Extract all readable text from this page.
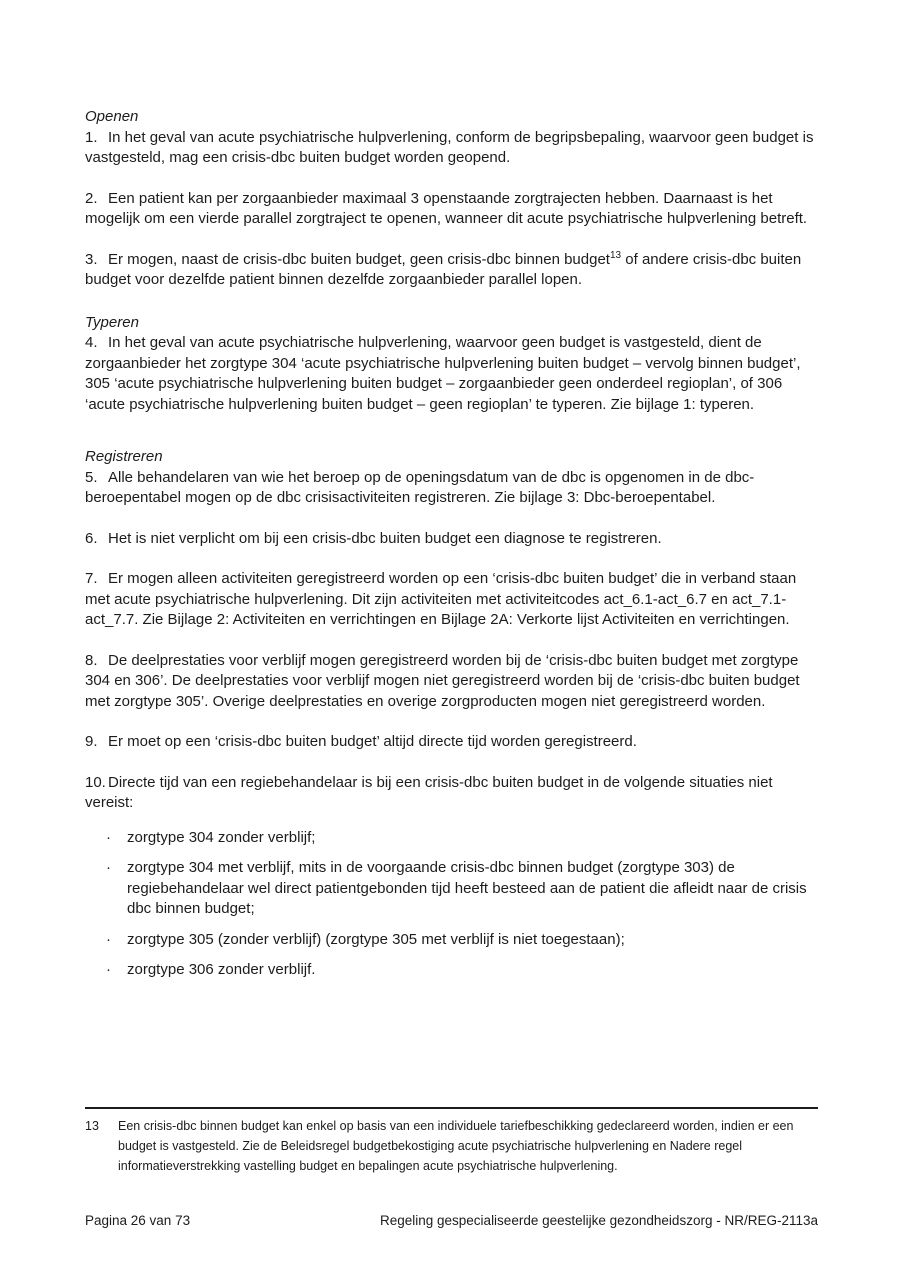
Openen

1. In het geval van acute psychiatrische hulpverlening, conform de begripsbepaling, waarvoor geen budget is vastgesteld, mag een crisis-dbc buiten budget worden geopend.

2. Een patient kan per zorgaanbieder maximaal 3 openstaande zorgtrajecten hebben. Daarnaast is het mogelijk om een vierde parallel zorgtraject te openen, wanneer dit acute psychiatrische hulpverlening betreft.

3. Er mogen, naast de crisis-dbc buiten budget, geen crisis-dbc binnen budget$^{13}$ of andere crisis-dbc buiten budget voor dezelfde patient binnen dezelfde zorgaanbieder parallel lopen.

Typeren

4. In het geval van acute psychiatrische hulpverlening, waarvoor geen budget is vastgesteld, dient de zorgaanbieder het zorgtype 304 ‘acute psychiatrische hulpverlening buiten budget – vervolg binnen budget’, 305 ‘acute psychiatrische hulpverlening buiten budget – zorgaanbieder geen onderdeel regioplan’, of 306 ‘acute psychiatrische hulpverlening buiten budget – geen regioplan’ te typeren. Zie bijlage 1: typeren.

Registreren

5. Alle behandelaren van wie het beroep op de openingsdatum van de dbc is opgenomen in de dbc-beroepentabel mogen op de dbc crisisactiviteiten registreren. Zie bijlage 3: Dbc-beroepentabel.

6. Het is niet verplicht om bij een crisis-dbc buiten budget een diagnose te registreren.

7. Er mogen alleen activiteiten geregistreerd worden op een ‘crisis-dbc buiten budget’ die in verband staan met acute psychiatrische hulpverlening. Dit zijn activiteiten met activiteitcodes act_6.1-act_6.7 en act_7.1-act_7.7. Zie Bijlage 2: Activiteiten en verrichtingen en Bijlage 2A: Verkorte lijst Activiteiten en verrichtingen.

8. De deelprestaties voor verblijf mogen geregistreerd worden bij de ‘crisis-dbc buiten budget met zorgtype 304 en 306’. De deelprestaties voor verblijf mogen niet geregistreerd worden bij de ‘crisis-dbc buiten budget met zorgtype 305’. Overige deelprestaties en overige zorgproducten mogen niet geregistreerd worden.

9. Er moet op een ‘crisis-dbc buiten budget’ altijd directe tijd worden geregistreerd.

10. Directe tijd van een regiebehandelaar is bij een crisis-dbc buiten budget in de volgende situaties niet vereist:

· zorgtype 304 zonder verblijf;
· zorgtype 304 met verblijf, mits in de voorgaande crisis-dbc binnen budget (zorgtype 303) de regiebehandelaar wel direct patientgebonden tijd heeft besteed aan de patient die afleidt naar de crisis dbc binnen budget;
· zorgtype 305 (zonder verblijf) (zorgtype 305 met verblijf is niet toegestaan);
· zorgtype 306 zonder verblijf.
13 Een crisis-dbc binnen budget kan enkel op basis van een individuele tariefbeschikking gedeclareerd worden, indien er een budget is vastgesteld. Zie de Beleidsregel budgetbekostiging acute psychiatrische hulpverlening en Nadere regel informatieverstrekking vastelling budget en bepalingen acute psychiatrische hulpverlening.
Pagina 26 van 73	Regeling gespecialiseerde geestelijke gezondheidszorg - NR/REG-2113a
